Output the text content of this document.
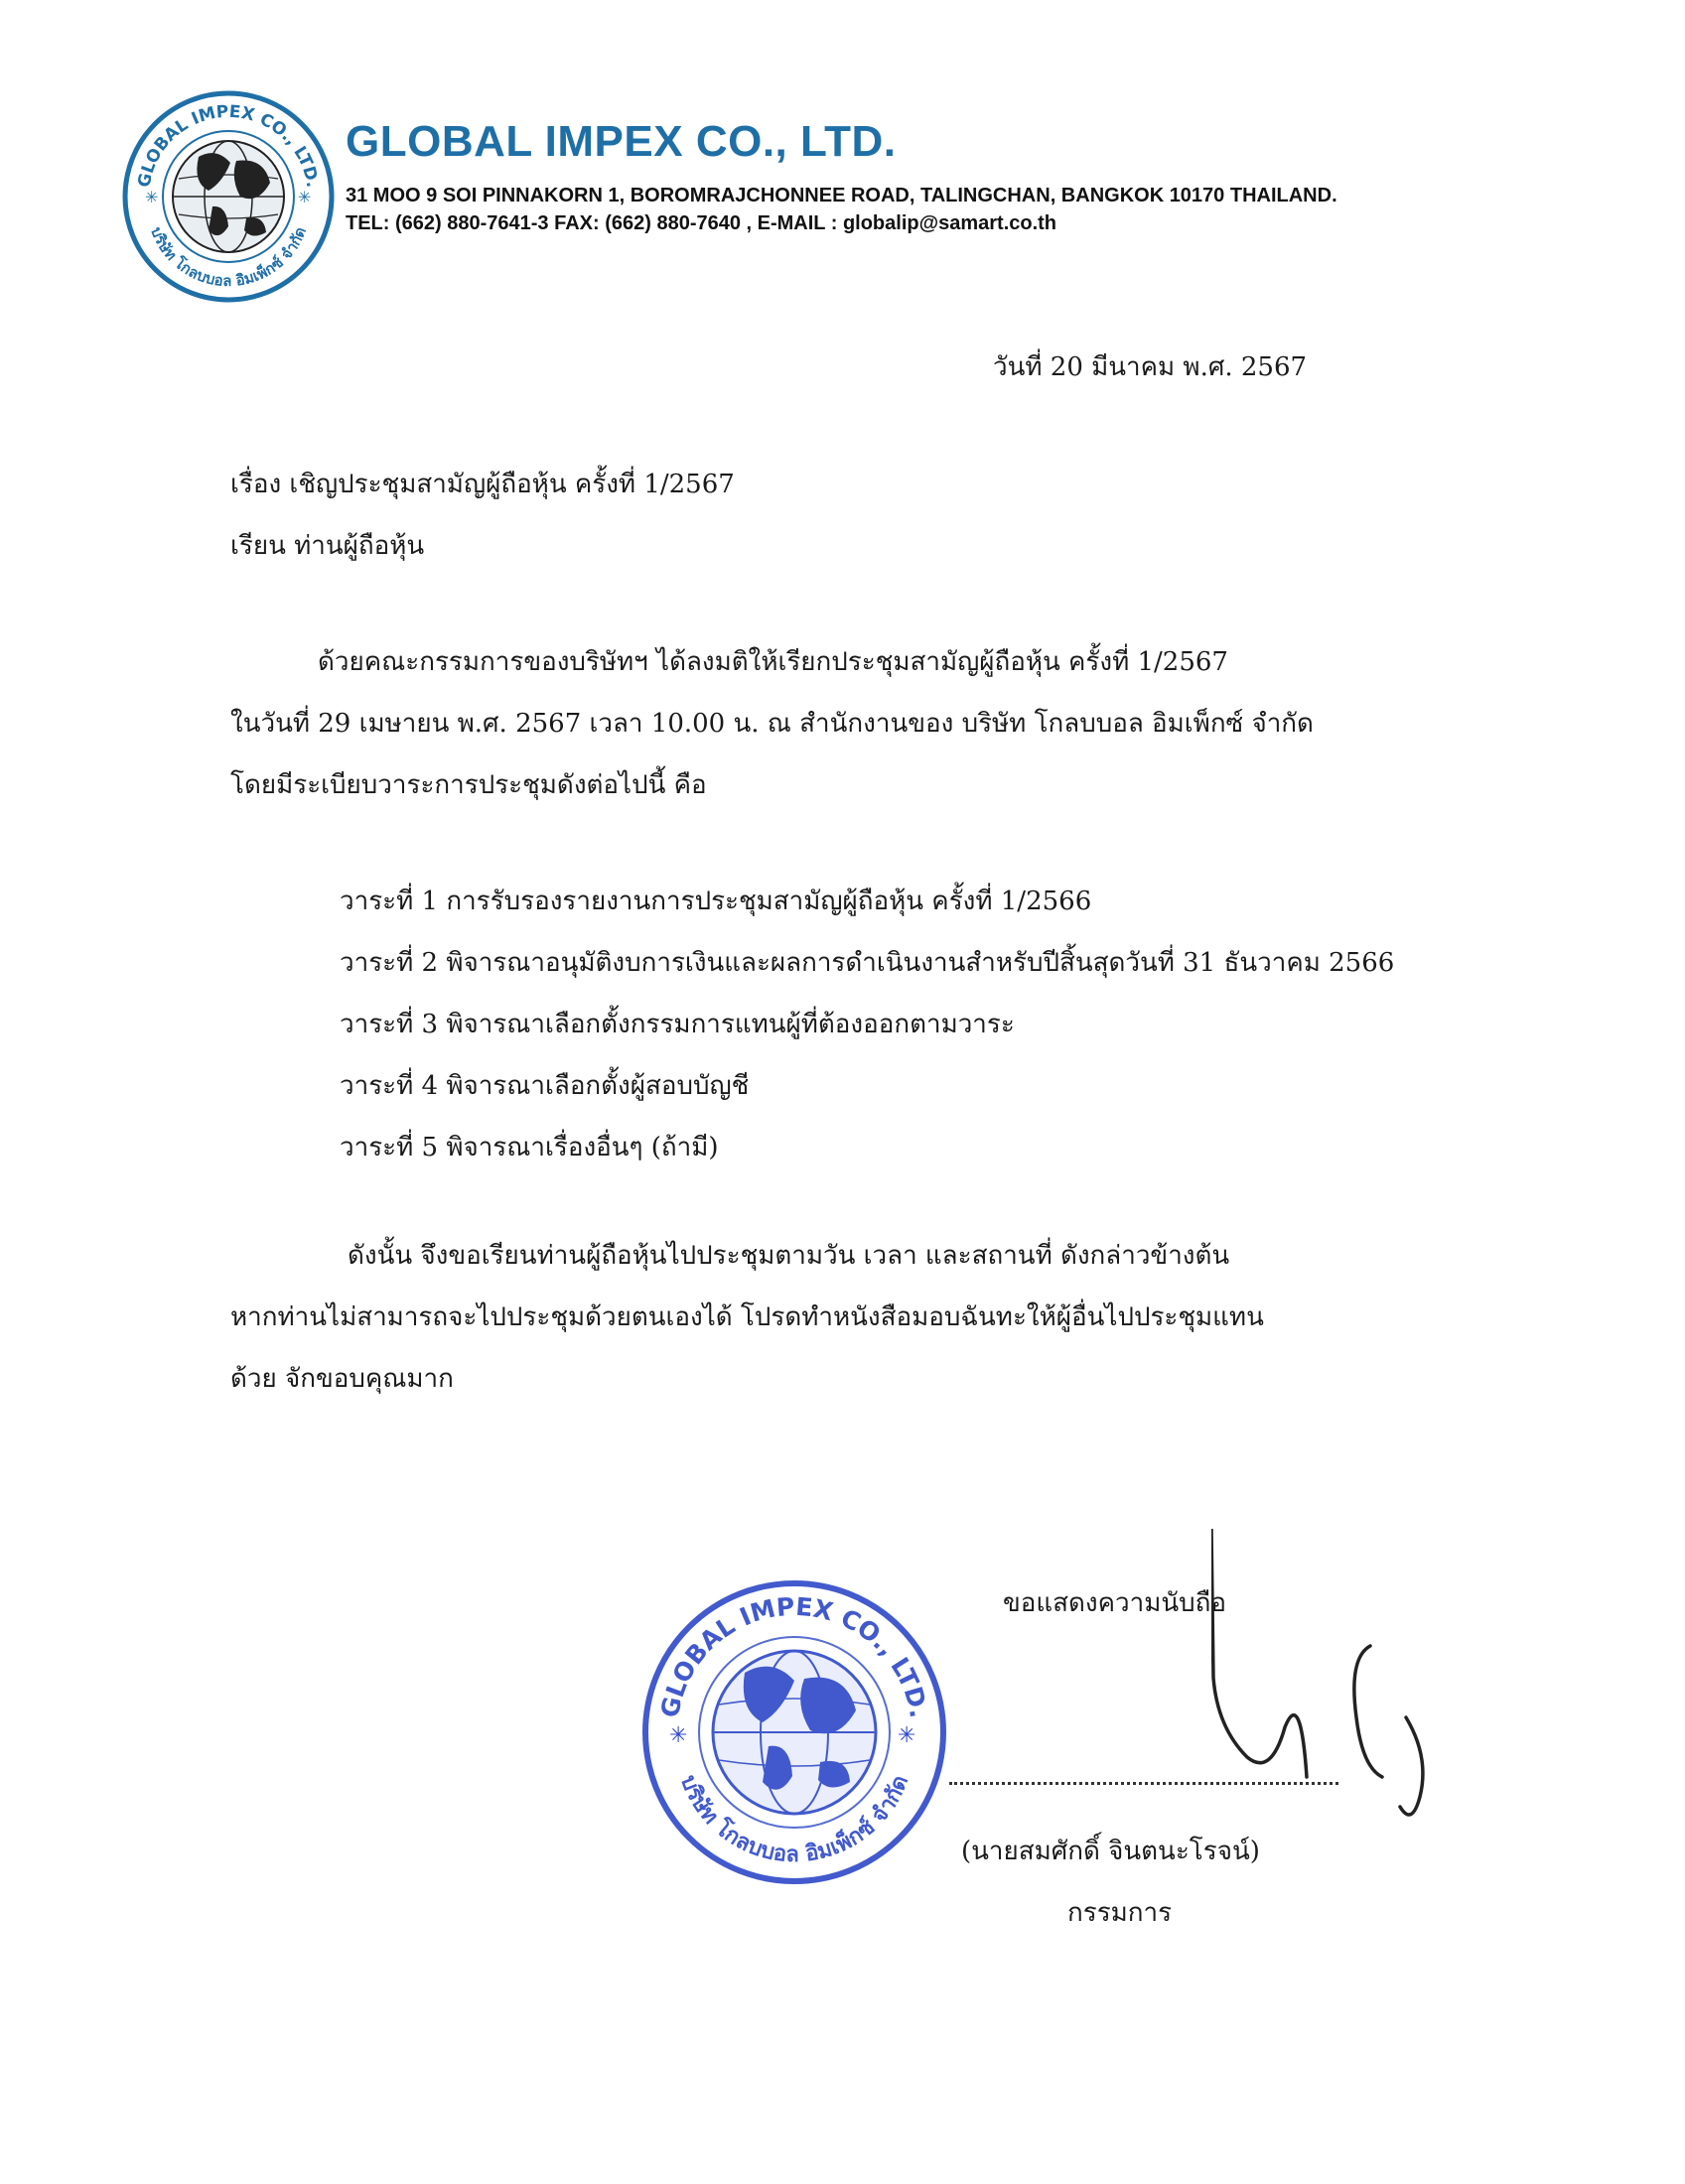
GLOBAL IMPEX CO., LTD.
บริษัท โกลบบอล อิมเพ็กซ์ จำกัด
✳	✳
GLOBAL IMPEX CO., LTD.
31 MOO 9 SOI PINNAKORN 1, BOROMRAJCHONNEE ROAD, TALINGCHAN, BANGKOK 10170 THAILAND.
TEL: (662) 880-7641-3 FAX: (662) 880-7640 , E-MAIL : globalip@samart.co.th
วันที่ 20 มีนาคม พ.ศ. 2567
เรื่อง เชิญประชุมสามัญผู้ถือหุ้น ครั้งที่ 1/2567
เรียน ท่านผู้ถือหุ้น
ด้วยคณะกรรมการของบริษัทฯ ได้ลงมติให้เรียกประชุมสามัญผู้ถือหุ้น ครั้งที่ 1/2567
ในวันที่ 29 เมษายน พ.ศ. 2567 เวลา 10.00 น. ณ สำนักงานของ บริษัท โกลบบอล อิมเพ็กซ์ จำกัด
โดยมีระเบียบวาระการประชุมดังต่อไปนี้ คือ
วาระที่ 1 การรับรองรายงานการประชุมสามัญผู้ถือหุ้น ครั้งที่ 1/2566
วาระที่ 2 พิจารณาอนุมัติงบการเงินและผลการดำเนินงานสำหรับปีสิ้นสุดวันที่ 31 ธันวาคม 2566
วาระที่ 3 พิจารณาเลือกตั้งกรรมการแทนผู้ที่ต้องออกตามวาระ
วาระที่ 4 พิจารณาเลือกตั้งผู้สอบบัญชี
วาระที่ 5 พิจารณาเรื่องอื่นๆ (ถ้ามี)
ดังนั้น จึงขอเรียนท่านผู้ถือหุ้นไปประชุมตามวัน เวลา และสถานที่ ดังกล่าวข้างต้น
หากท่านไม่สามารถจะไปประชุมด้วยตนเองได้ โปรดทำหนังสือมอบฉันทะให้ผู้อื่นไปประชุมแทน
ด้วย จักขอบคุณมาก
GLOBAL IMPEX CO., LTD.
บริษัท โกลบบอล อิมเพ็กซ์ จำกัด
✳	✳
ขอแสดงความนับถือ
(นายสมศักดิ์ จินตนะโรจน์)
กรรมการ
